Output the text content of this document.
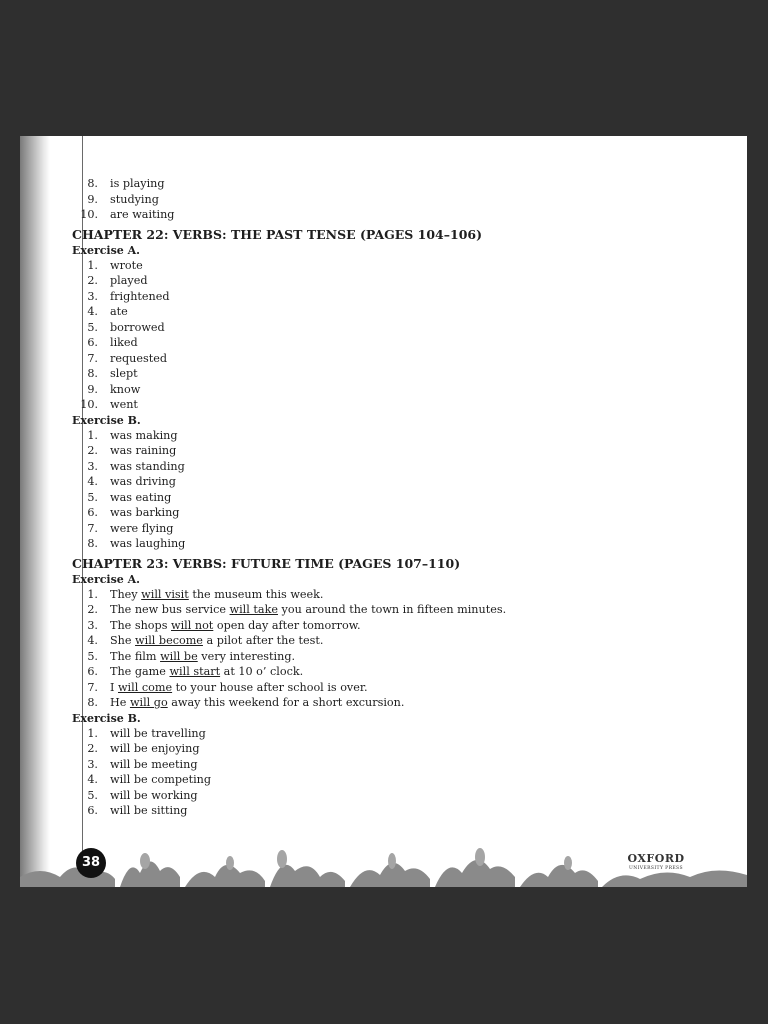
8. is playing
9. studying
10. are waiting
CHAPTER 22: VERBS: THE PAST TENSE (PAGES 104–106)
Exercise A.
1. wrote
2. played
3. frightened
4. ate
5. borrowed
6. liked
7. requested
8. slept
9. know
10. went
Exercise B.
1. was making
2. was raining
3. was standing
4. was driving
5. was eating
6. was barking
7. were flying
8. was laughing
CHAPTER 23: VERBS: FUTURE TIME (PAGES 107–110)
Exercise A.
1. They will visit the museum this week.
2. The new bus service will take you around the town in fifteen minutes.
3. The shops will not open day after tomorrow.
4. She will become a pilot after the test.
5. The film will be very interesting.
6. The game will start at 10 o’ clock.
7. I will come to your house after school is over.
8. He will go away this weekend for a short excursion.
Exercise B.
1. will be travelling
2. will be enjoying
3. will be meeting
4. will be competing
5. will be working
6. will be sitting
38	OXFORD
UNIVERSITY PRESS
